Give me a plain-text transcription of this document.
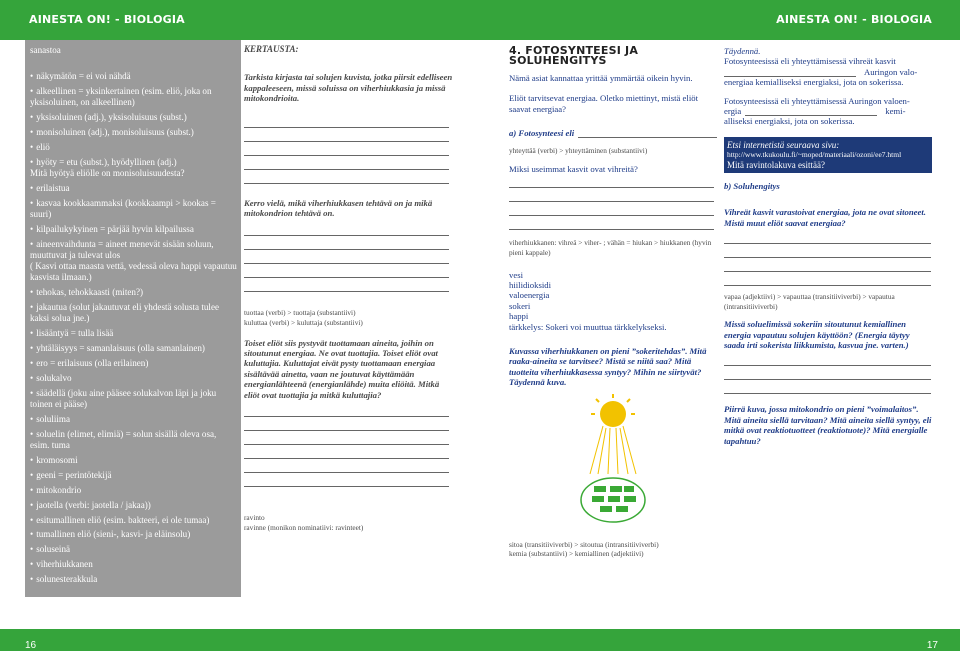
AINESTA ON! - BIOLOGIA	AINESTA ON! - BIOLOGIA
sanastoa
• näkymätön = ei voi nähdä
• alkeellinen = yksinkertainen (esim. eliö, joka on yksisoluinen, on alkeellinen)
• yksisoluinen (adj.), yksisoluisuus (subst.)
• monisoluinen (adj.), monisoluisuus (subst.)
• eliö
• hyöty = etu (subst.), hyödyllinen (adj.)
Mitä hyötyä eliölle on monisoluisuudesta?
• erilaistua
• kasvaa kookkaammaksi (kookkaampi > kookas = suuri)
• kilpailukykyinen = pärjää hyvin kilpailussa
• aineenvaihdunta = aineet menevät sisään soluun, muuttuvat ja tulevat ulos
( Kasvi ottaa maasta vettä, vedessä oleva happi vapautuu kasvista ilmaan.)
• tehokas, tehokkaasti (miten?)
• jakautua (solut jakautuvat eli yhdestä solusta tulee kaksi solua jne.)
• lisääntyä = tulla lisää
• yhtäläisyys = samanlaisuus (olla samanlainen)
• ero = erilaisuus (olla erilainen)
• solukalvo
• säädellä (joku aine pääsee solukalvon läpi ja joku toinen ei pääse)
• soluliima
• soluelin (elimet, elimiä) = solun sisällä oleva osa, esim. tuma
• kromosomi
• geeni = perintötekijä
• mitokondrio
• jaotella (verbi: jaotella / jakaa))
• esitumallinen eliö (esim. bakteeri, ei ole tumaa)
• tumallinen eliö (sieni-, kasvi- ja eläinsolu)
• soluseinä
• viherhiukkanen
• solunesterakkula
KERTAUSTA:
Tarkista kirjasta tai solujen kuvista, jotka piirsit edelliseen kappaleeseen, missä soluissa on viherhiukkasia ja missä mitokondrioita.
Kerro vielä, mikä viherhiukkasen tehtävä on ja mikä mitokondrion tehtävä on.
tuottaa (verbi) > tuottaja (substantiivi)
kuluttaa (verbi) > kuluttaja (substantiivi)
Toiset eliöt siis pystyvät tuottamaan aineita, joihin on sitoutunut energiaa. Ne ovat tuottajia. Toiset eliöt ovat kuluttajia. Kuluttajat eivät pysty tuottamaan energiaa sisältävää ainetta, vaan ne joutuvat käyttämään energianlähteenä (energianlähde) muita eliöitä. Mitkä eliöt ovat tuottajia ja mitkä kuluttajia?
ravinto
ravinne (monikon nominatiivi: ravinteet)
4. FOTOSYNTEESI JA SOLUHENGITYS
Nämä asiat kannattaa yrittää ymmärtää oikein hyvin.
Eliöt tarvitsevat energiaa. Oletko miettinyt, mistä eliöt saavat energiaa?
a) Fotosynteesi eli
yhteyttää (verbi) > yhteyttäminen (substantiivi)
Miksi useimmat kasvit ovat vihreitä?
viherhiukkanen: vihreä > viher- ; vähän = hiukan > hiukkanen (hyvin pieni kappale)
vesi
hiilidioksidi
valoenergia
sokeri
happi
tärkkelys: Sokeri voi muuttua tärkkelykseksi.
Kuvassa viherhiukkanen on pieni ”sokeritehdas”. Mitä raaka-aineita se tarvitsee? Mistä se niitä saa? Mitä tuotteita viherhiukkasessa syntyy? Mihin ne siirtyvät? Täydennä kuva.
sitoa (transitiiviverbi) > sitoutua (intransitiiviverbi)
kemia (substantiivi) > kemiallinen (adjektiivi)
Täydennä.
Fotosynteesissä eli yhteyttämisessä vihreät kasvit
Auringon valo-
energiaa kemialliseksi energiaksi, jota on sokerissa.
Fotosynteesissä eli yhteyttämisessä Auringon valoen-
ergia	kemi-
alliseksi energiaksi, jota on sokerissa.
Etsi internetistä seuraava sivu:
http://www.tkukoulu.fi/~moped/materiaali/ozoni/ee7.html
Mitä ravintolakuva esittää?
b) Soluhengitys
Vihreät kasvit varastoivat energiaa, jota ne ovat sitoneet. Mistä muut eliöt saavat energiaa?
vapaa (adjektiivi) > vapauttaa (transitiiviverbi) > vapautua (intransitiiviverbi)
Missä soluelimissä sokeriin sitoutunut kemiallinen energia vapautuu solujen käyttöön? (Energia täytyy saada irti sokerista liikkumista, kasvua jne. varten.)
Piirrä kuva, jossa mitokondrio on pieni ”voimalaitos”. Mitä aineita siellä tarvitaan? Mitä aineita siellä syntyy, eli mitkä ovat reaktiotuotteet (reaktiotuote)? Mitä energialle tapahtuu?
16	17
